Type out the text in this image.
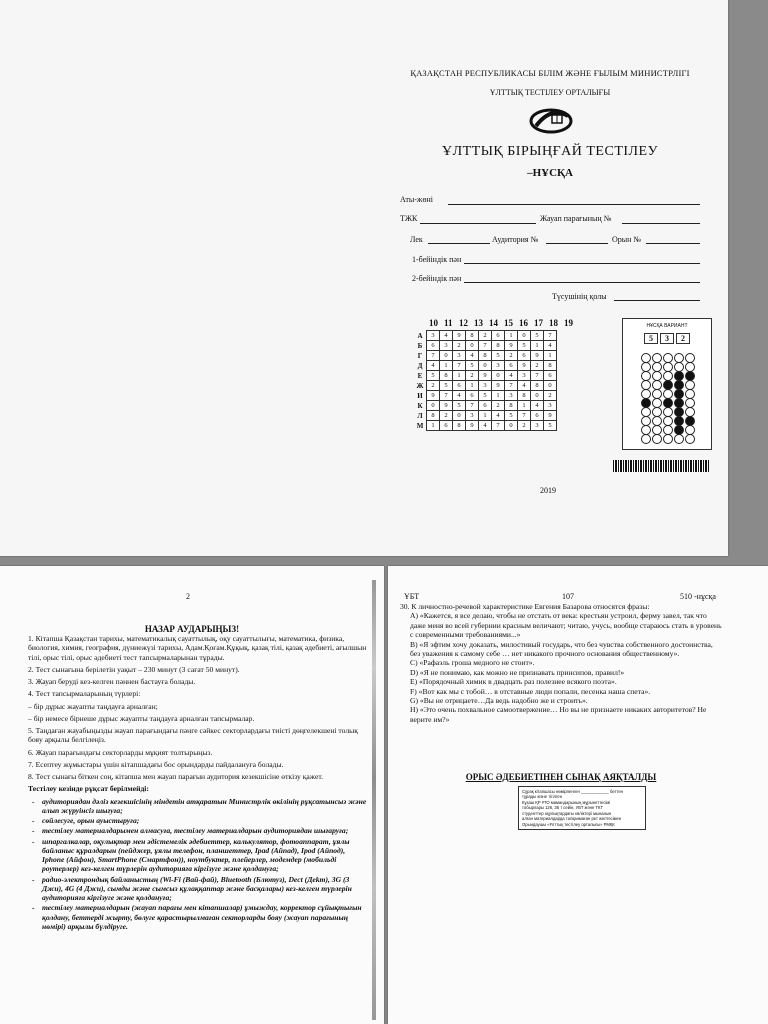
ҚАЗАҚСТАН РЕСПУБЛИКАСЫ БІЛІМ ЖӘНЕ ҒЫЛЫМ МИНИСТРЛІГІ
ҰЛТТЫҚ ТЕСТІЛЕУ ОРТАЛЫҒЫ
ҰЛТТЫҚ БІРЫҢҒАЙ ТЕСТІЛЕУ
–НҰСҚА
Аты-жөні
ТЖК	Жауап парағының №
Лек	Аудитория №	Орын №
1-бейіндік пән
2-бейіндік пән
Түсушінің қолы
10 11 12 13 14 15 16 17 18 19
А	3	4	9	8	2	6	1	0	5	7
Б	6	3	2	0	7	8	9	5	1	4
Г	7	0	3	4	8	5	2	6	9	1
Д	4	1	7	5	0	3	6	9	2	8
Е	5	8	1	2	9	0	4	3	7	6
Ж	2	5	6	1	3	9	7	4	8	0
И	9	7	4	6	5	1	3	8	0	2
К	0	9	5	7	6	2	8	1	4	3
Л	8	2	0	3	1	4	5	7	6	9
М	1	6	8	9	4	7	0	2	3	5
НҰСҚА ВАРИАНТ
5 3 2
2019
2
НАЗАР АУДАРЫҢЫЗ!

1. Кітапша Қазақстан тарихы, математикалық сауаттылық, оқу сауаттылығы, математика, физика, биология, химия, география, дүниежүзі тарихы, Адам.Қоғам.Құқық, қазақ тілі, қазақ әдебиеті, ағылшын тілі, орыс тілі, орыс әдебиеті тест тапсырмаларынан тұрады.

2. Тест сынағына берілетін уақыт – 230 минут (3 сағат 50 минут).

3. Жауап беруді кез-келген пәннен бастауға болады.

4. Тест тапсырмаларының түрлері:

– бір дұрыс жауапты таңдауға арналған;

– бір немесе бірнеше дұрыс жауапты таңдауға арналған тапсырмалар.

5. Таңдаған жауабыңызды жауап парағындағы пәнге сәйкес секторлардағы тиісті дөңгелекшені толық бояу арқылы белгілеңіз.

6. Жауап парағындағы секторларды мұқият толтырыңыз.

7. Есептеу жұмыстары үшін кітапшадағы бос орындарды пайдалануға болады.

8. Тест сынағы біткен соң, кітапша мен жауап парағын аудитория кезекшісіне өткізу қажет.

Тестілеу кезінде рұқсат берілмейді:

- аудиториядан дәлiз кезекшiсiнiң мiндетiн атқаратын Министрлік өкiлiнiң рұқсатынсыз және алып жүруiнсiз шығуға;
- сөйлесуге, орын ауыстыруға;
- тестілеу материалдарымен алмасуға, тестілеу материалдарын аудиториядан шығаруға;
- шпаргалкалар, оқулықтар мен әдістемелік әдебиеттер, калькулятор, фотоаппарат, ұялы байланыс құралдарын (пейджер, ұялы телефон, планшеттер, Ipad (Айпад), Ipod (Айпод), Iphone (Айфон), SmartPhone (Смартфон)), ноутбуктер, плейерлер, модемдер (мобильді роутерлер) кез-келген түрлерін аудиторияға кіргізуге және қолдануға;
- радио-электрондық байланыстың (Wi-Fi (Вай-фай), Bluetooth (Блютуз), Dect (Деkт), 3G (3 Джи), 4G (4 Джи), сымды және сымсыз құлаққаптар және басқалары) кез-келген түрлерін аудиторияға кіргізуге және қолдануға;
- тестілеу материалдарын (жауап парағы мен кітапшалар) ұмыждау, корректор сұйықтығын қолдану, беттерді жырту, бөлуге қарастырылмаған секторларды бояу (жауап парағының нөмірі) арқылы бүлдіруге.
ҰБТ	107	510 -нұсқа

30. К личностно-речевой характеристике Евгения Базарова относятся фразы:

A) «Кажется, я все делаю, чтобы не отстать от века: крестьян устроил, ферму завел, так что даже меня во всей губернии красным величают; читаю, учусь, вообще стараюсь стать в уровень с современными требованиями...»

B) «Я эфтим хочу доказать, милостивый государь, что без чувства собственного достоинства, без уважения к самому себе … нет никакого прочного основания общественному».

C) «Рафаэль гроша медного не стоит».

D) «Я не понимаю, как можно не признавать принсипов, правил!»

E) «Порядочный химик в двадцать раз полезнее всякого поэта».

F) «Вот как мы с тобой… в отставные люди попали, песенка наша спета».

G) «Вы не отрицаете…Да ведь надобно же и строить».

H) «Это очень похвальное самоотвержение… Но вы не признаете никаких авторитетов? Не верите им?»

ОРЫС ӘДЕБИЕТІНЕН СЫНАҚ АЯҚТАЛДЫ
Сұрақ кітапшасы нөмірленген ____________ беттен
тұрады және тігілген
Кұзаш ҚР ҰТО мамандарының мұрынеттесімі
тобырлары 126, 36 т сейін, УБТ және ТКТ
студенттер оқулықтардағы көліктері мынанын
алған материалдарда талқанмаған рет жептесімен
Орындаушы «Ұлттық тестілеу орталығы» РМҚК
